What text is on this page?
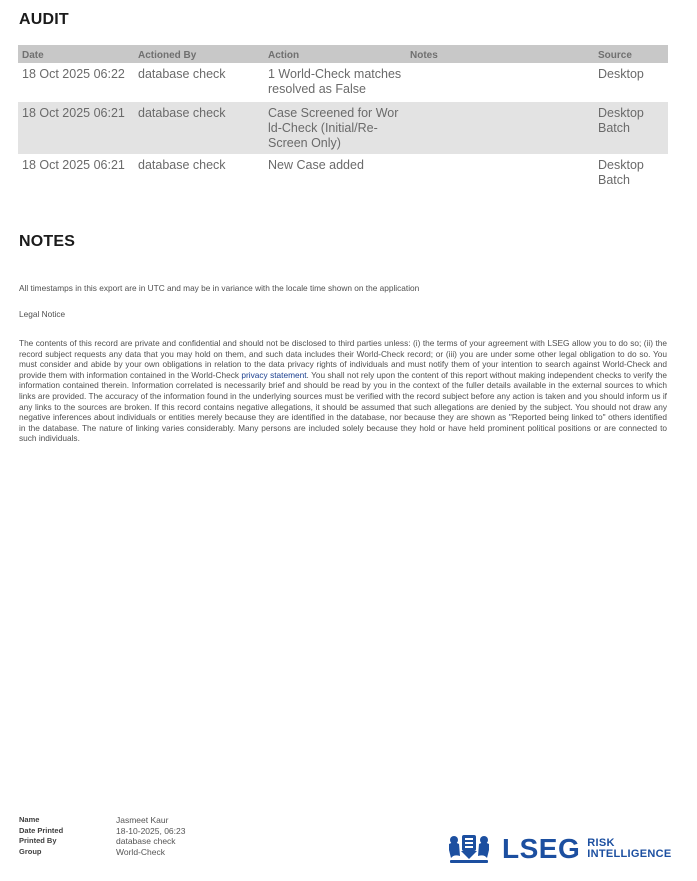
AUDIT
Date	Actioned By	Action	Notes	Source
18 Oct 2025 06:22	database check	1 World-Check matches
resolved as False		Desktop
18 Oct 2025 06:21	database check	Case Screened for Wor
ld-Check (Initial/Re-
Screen Only)		Desktop
Batch
18 Oct 2025 06:21	database check	New Case added		Desktop
Batch
NOTES
All timestamps in this export are in UTC and may be in variance with the locale time shown on the application
Legal Notice
The contents of this record are private and confidential and should not be disclosed to third parties unless: (i) the terms of your agreement with LSEG allow you to do so; (ii) the record subject requests any data that you may hold on them, and such data includes their World-Check record; or (iii) you are under some other legal obligation to do so. You must consider and abide by your own obligations in relation to the data privacy rights of individuals and must notify them of your intention to search against World-Check and provide them with information contained in the World-Check privacy statement. You shall not rely upon the content of this report without making independent checks to verify the information contained therein. Information correlated is necessarily brief and should be read by you in the context of the fuller details available in the external sources to which links are provided. The accuracy of the information found in the underlying sources must be verified with the record subject before any action is taken and you should inform us if any links to the sources are broken. If this record contains negative allegations, it should be assumed that such allegations are denied by the subject. You should not draw any negative inferences about individuals or entities merely because they are identified in the database, nor because they are shown as "Reported being linked to" others identified in the database. The nature of linking varies considerably. Many persons are included solely because they hold or have held prominent political positions or are connected to such individuals.
Name	Jasmeet Kaur
Date Printed	18-10-2025, 06:23
Printed By	database check
Group	World-Check	LSEG RISK
INTELLIGENCE
